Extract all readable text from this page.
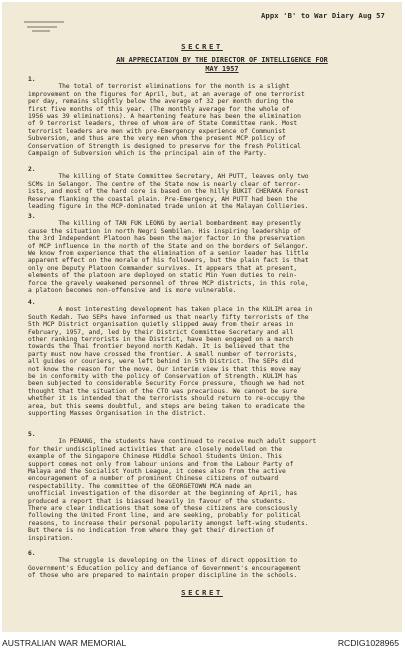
Appx 'B' to War Diary Aug 57
SECRET
AN APPRECIATION BY THE DIRECTOR OF INTELLIGENCE FOR
MAY 1957
1.
The total of terrorist eliminations for the month is a slight
improvement on the figures for April, but, at an average of one terrorist
per day, remains slightly below the average of 32 per month during the
first five months of this year. (The monthly average for the whole of
1956 was 39 eliminations). A heartening feature has been the elimination
of 9 terrorist leaders, three of whom are of State Committee rank. Most
terrorist leaders are men with pre-Emergency experience of Communist
Subversion, and thus are the very men whom the present MCP policy of
Conservation of Strength is designed to preserve for the fresh Political
Campaign of Subversion which is the principal aim of the Party.
2.
The killing of State Committee Secretary, AH PUTT, leaves only two
SCMs in Selangor. The centre of the State now is nearly clear of terror-
ists, and most of the hard core is based on the hilly BUKIT CHERAKA Forest
Reserve flanking the coastal plain. Pre-Emergency, AH PUTT had been the
leading figure in the MCP-dominated trade union at the Malayan Collieries.
3.
The killing of TAN FUK LEONG by aerial bombardment may presently
cause the situation in north Negri Sembilan. His inspiring leadership of
the 3rd Independent Platoon has been the major factor in the preservation
of MCP influence in the north of the State and on the borders of Selangor.
We know from experience that the elimination of a senior leader has little
apparent effect on the morale of his followers, but the plain fact is that
only one Deputy Platoon Commander survives. It appears that at present,
elements of the platoon are deployed on static Min Yuen duties to rein-
force the gravely weakened personnel of three MCP districts, in this role,
a platoon becomes non-offensive and is more vulnerable.
4.
A most interesting development has taken place in the KULIM area in
South Kedah. Two SEPs have informed us that nearly fifty terrorists of the
5th MCP District organisation quietly slipped away from their areas in
February, 1957, and, led by their District Committee Secretary and all
other ranking terrorists in the District, have been engaged on a march
towards the Thai frontier beyond north Kedah. It is believed that the
party must now have crossed the frontier. A small number of terrorists,
all guides or couriers, were left behind in 5th District. The SEPs did
not know the reason for the move. Our interim view is that this move may
be in conformity with the policy of Conservation of Strength. KULIM has
been subjected to considerable Security Force pressure, though we had not
thought that the situation of the CTO was precarious. We cannot be sure
whether it is intended that the terrorists should return to re-occupy the
area, but this seems doubtful, and steps are being taken to eradicate the
supporting Masses Organisation in the district.
5.
In PENANG, the students have continued to receive much adult support
for their undisciplined activities that are closely modelled on the
example of the Singapore Chinese Middle School Students Union. This
support comes not only from labour unions and from the Labour Party of
Malaya and the Socialist Youth League, it comes also from the active
encouragement of a number of prominent Chinese citizens of outward
respectability. The committee of the GEORGETOWN MCA made an
unofficial investigation of the disorder at the beginning of April, has
produced a report that is biassed heavily in favour of the students.
There are clear indications that some of these citizens are consciously
following the United Front line, and are seeking, probably for political
reasons, to increase their personal popularity amongst left-wing students.
But there is no indication from where they get their direction of
inspiration.
6.
The struggle is developing on the lines of direct opposition to
Government's Education policy and defiance of Government's encouragement
of those who are prepared to maintain proper discipline in the schools.
SECRET
AUSTRALIAN WAR MEMORIAL	RCDIG1028965
